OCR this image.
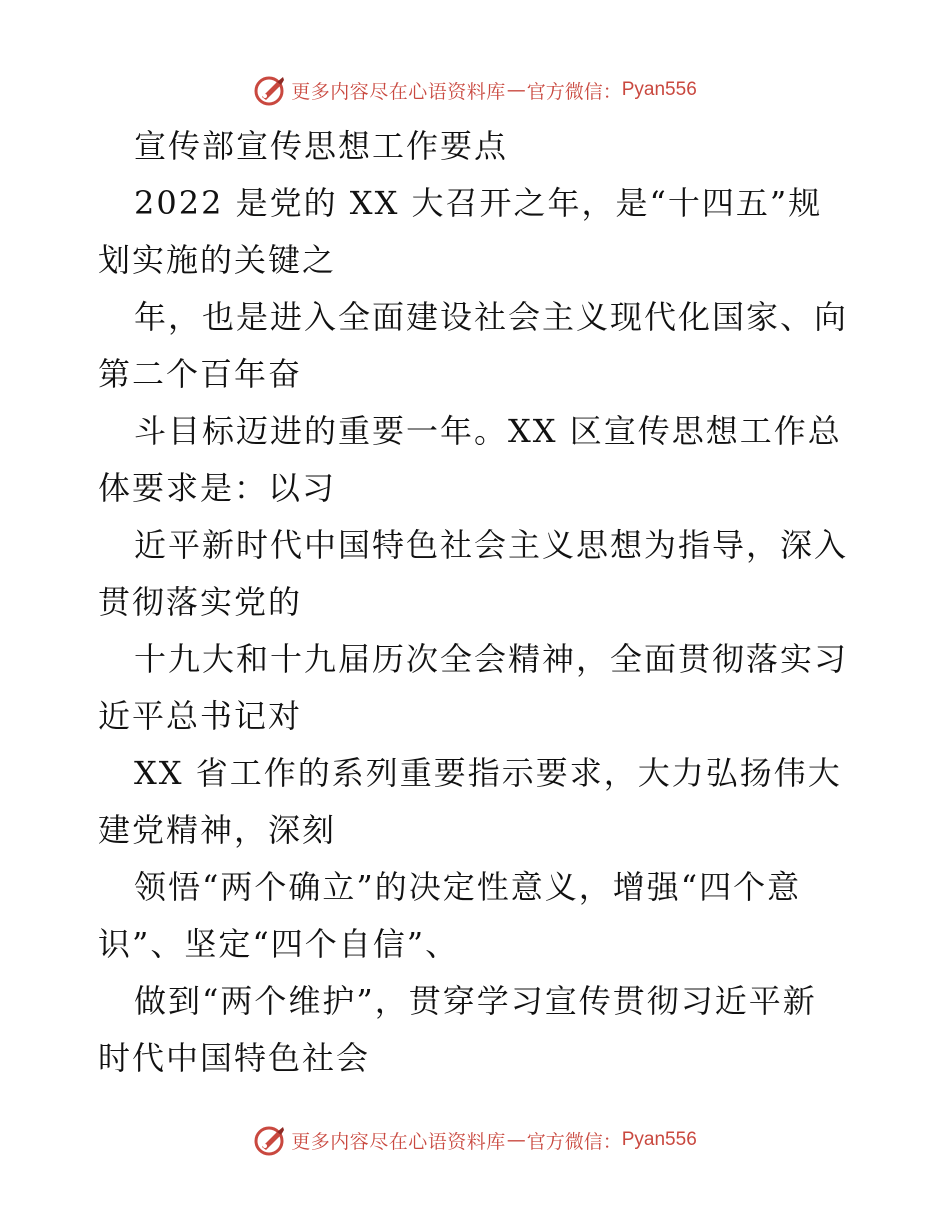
更多内容尽在心语资料库 — 官方微信： Pyan556
宣传部宣传思想工作要点
2022 是党的 XX 大召开之年，是“十四五”规
划实施的关键之
年，也是进入全面建设社会主义现代化国家、向
第二个百年奋
斗目标迈进的重要一年。XX 区宣传思想工作总
体要求是：以习
近平新时代中国特色社会主义思想为指导，深入
贯彻落实党的
十九大和十九届历次全会精神，全面贯彻落实习
近平总书记对
XX 省工作的系列重要指示要求，大力弘扬伟大
建党精神，深刻
领悟“两个确立”的决定性意义，增强“四个意
识”、坚定“四个自信”、
做到“两个维护”，贯穿学习宣传贯彻习近平新
时代中国特色社会
更多内容尽在心语资料库 — 官方微信： Pyan556
